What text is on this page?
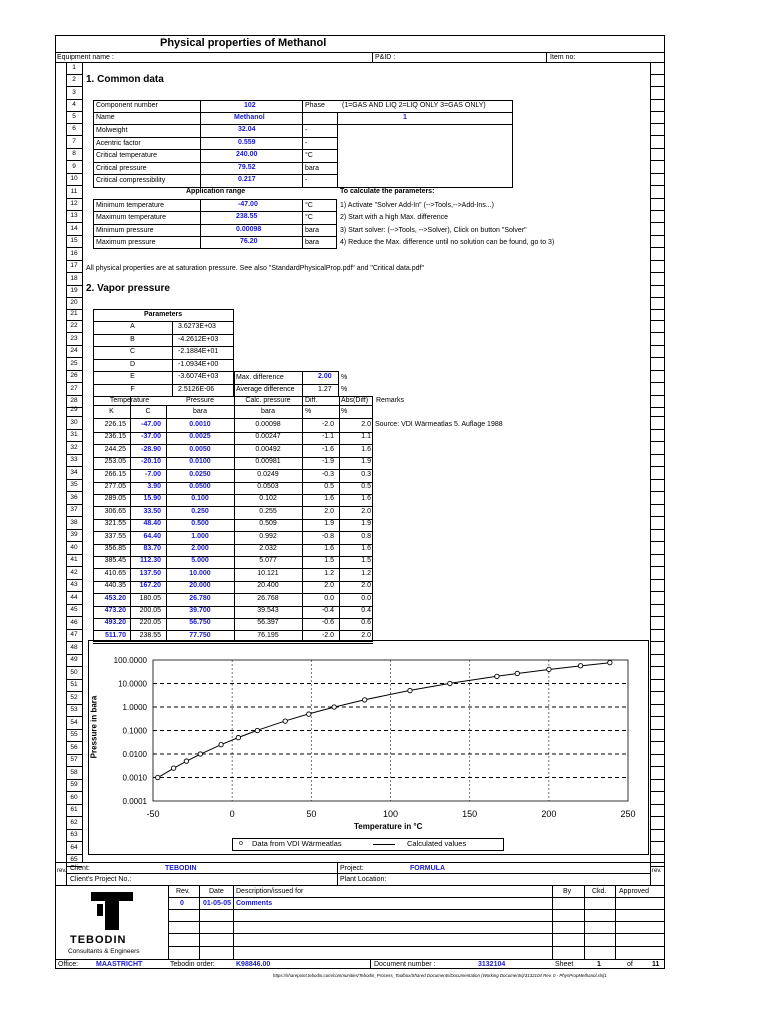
Physical properties of Methanol
Equipment name :	P&ID :	Item no:
1
2
3
4
5
6
7
8
9
10
11
12
13
14
15
16
17
18
19
20
21
22
23
24
25
26
27
28
29
30
31
32
33
34
35
36
37
38
39
40
41
42
43
44
45
46
47
48
49
50
51
52
53
54
55
56
57
58
59
60
61
62
63
64
65
1. Common data
Component number	102	Phase (1=GAS AND LIQ 2=LIQ ONLY 3=GAS ONLY)
Name	Methanol	1
Molweight	32.04	-
Acentric factor	0.559	-
Critical temperature	240.00	°C
Critical pressure	79.52	bara
Critical compressibility	0.217	-
Application range	To calculate the parameters:
Minimum temperature	-47.00	°C
Maximum temperature	238.55	°C
Minimum pressure	0.00098	bara
Maximum pressure	76.20	bara
1) Activate "Solver Add-In" (-->Tools,-->Add-Ins...)
2) Start with a high Max. difference
3) Start solver: (-->Tools, -->Solver), Click on button "Solver"
4) Reduce the Max. difference until no solution can be found, go to 3)
All physical properties are at saturation pressure. See also "StandardPhysicalProp.pdf" and "Critical data.pdf"
2. Vapor pressure
Parameters
A	3.6273E+03
B	-4.2612E+03
C	-2.1884E+01
D	-1.0934E+00
E	-3.6074E+03
F	2.5126E-06
Max. difference	2.00 %
Average difference	1.27 %
Temperature	Pressure	Calc. pressure	Diff.	Abs(Diff) Remarks
K	C	bara	bara	%	%
Source: VDI Wärmeatlas 5. Auflage 1988
226.15	-47.00	0.0010	0.00098	-2.0	2.0
236.15	-37.00	0.0025	0.00247	-1.1	1.1
244.25	-28.90	0.0050	0.00492	-1.6	1.6
253.05	-20.10	0.0100	0.00981	-1.9	1.9
266.15	-7.00	0.0250	0.0249	-0.3	0.3
277.05	3.90	0.0500	0.0503	0.5	0.5
289.05	15.90	0.100	0.102	1.6	1.6
306.65	33.50	0.250	0.255	2.0	2.0
321.55	48.40	0.500	0.509	1.9	1.9
337.55	64.40	1.000	0.992	-0.8	0.8
356.85	83.70	2.000	2.032	1.6	1.6
385.45	112.30	5.000	5.077	1.5	1.5
410.65	137.50	10.000	10.121	1.2	1.2
440.35	167.20	20.000	20.400	2.0	2.0
453.20	180.05	26.780	26.768	0.0	0.0
473.20	200.05	39.700	39.543	-0.4	0.4
493.20	220.05	56.750	56.397	-0.6	0.6
511.70	238.55	77.750	76.195	-2.0	2.0
-50	0	50	100	150	200	250
100.0000
10.0000
1.0000
0.1000
0.0100
0.0010
0.0001
Pressure in bara
Temperature in °C
o Data from VDI Wärmeatlas	Calculated values
rev.	rev.
Client:	TEBODIN	Project:	FORMULA
Client's Project No.:	Plant Location:
Rev.	Date Description/issued for	By	Ckd. Approved
0	01-05-05 Comments
TEBODIN
Consultants & Engineers
Office:	MAASTRICHT	Tebodin order:	K98846.00	Document number :	3132104	Sheet	1	of	11
https://sharepoint.tebodin.com/communities/Tebodin_Process_Toolbox/Shared Documents/Documentation (Working Documents)/3132104 Rev. 0 - PhysPropMethanol.xls]1
